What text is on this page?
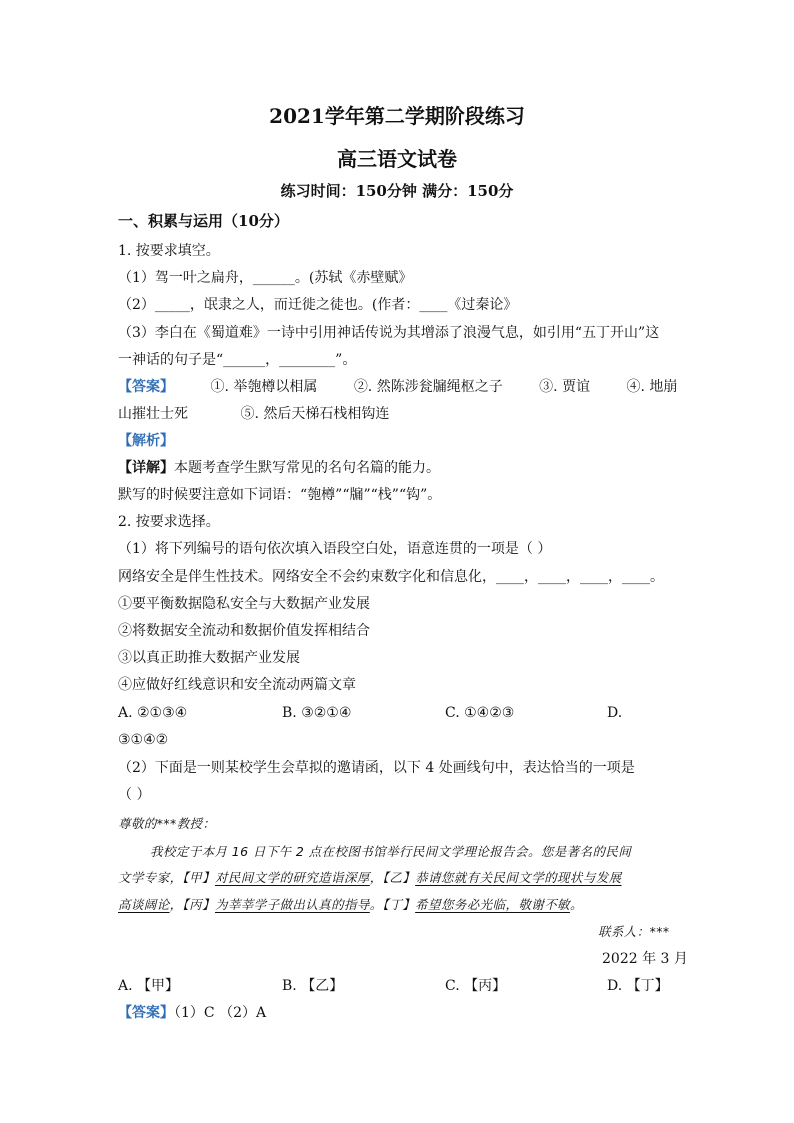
2021学年第二学期阶段练习
高三语文试卷
练习时间：150分钟 满分：150分
一、积累与运用（10分）
1. 按要求填空。
（1）驾一叶之扁舟，______。(苏轼《赤壁赋》
（2）_____，氓隶之人，而迁徙之徒也。(作者：____《过秦论》
（3）李白在《蜀道难》一诗中引用神话传说为其增添了浪漫气息，如引用“五丁开山”这
一神话的句子是“______，________”。
【答案】	①. 举匏樽以相属	②. 然陈涉瓮牖绳枢之子	③. 贾谊	④. 地崩
山摧壮士死	⑤. 然后天梯石栈相钩连
【解析】
【详解】本题考查学生默写常见的名句名篇的能力。
默写的时候要注意如下词语：“匏樽”“牖”“栈”“钩”。
2. 按要求选择。
（1）将下列编号的语句依次填入语段空白处，语意连贯的一项是（ ）
网络安全是伴生性技术。网络安全不会约束数字化和信息化，____，____，____，____。
①要平衡数据隐私安全与大数据产业发展
②将数据安全流动和数据价值发挥相结合
③以真正助推大数据产业发展
④应做好红线意识和安全流动两篇文章
A. ②①③④	B. ③②①④	C. ①④②③	D.
③①④②
（2）下面是一则某校学生会草拟的邀请函，以下 4 处画线句中，表达恰当的一项是
（ ）
尊敬的***教授：
我校定于本月 16 日下午 2 点在校图书馆举行民间文学理论报告会。您是著名的民间
文学专家，【甲】对民间文学的研究造诣深厚，【乙】恭请您就有关民间文学的现状与发展
高谈阔论，【丙】为莘莘学子做出认真的指导。【丁】希望您务必光临，敬谢不敏。
联系人：***
2022 年 3 月
A. 【甲】	B. 【乙】	C. 【丙】	D. 【丁】
【答案】（1）C （2）A
